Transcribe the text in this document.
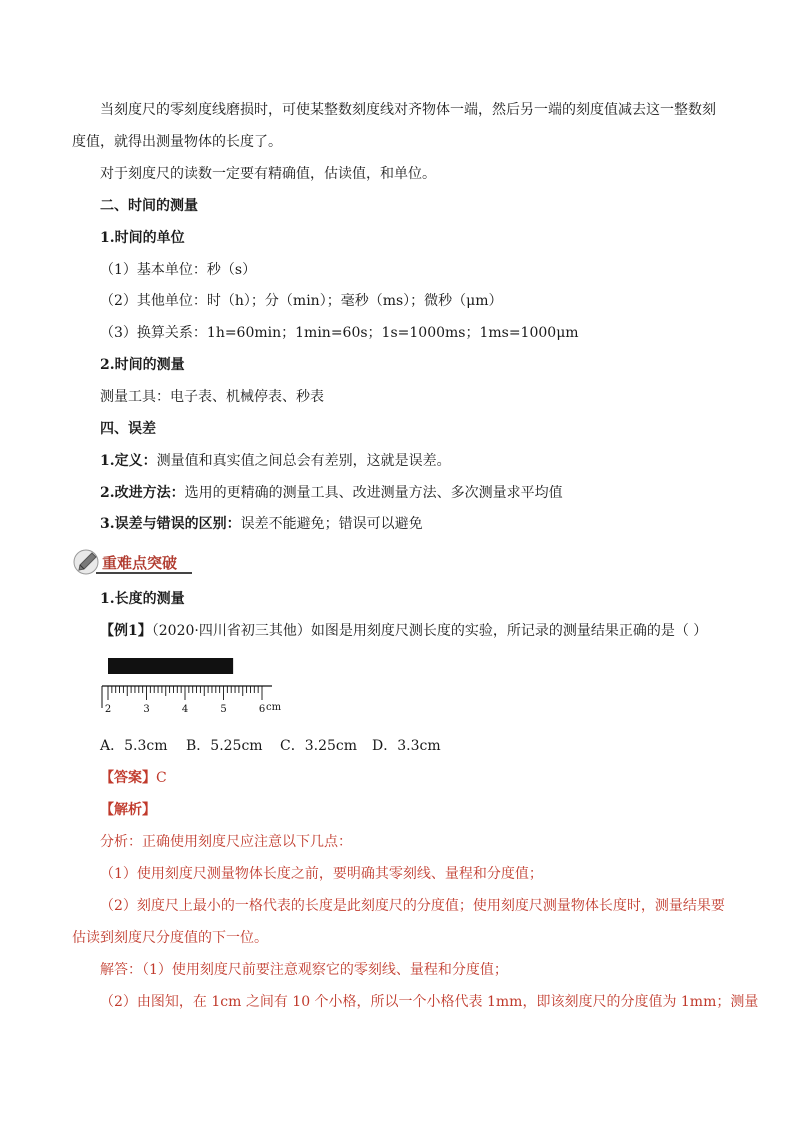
当刻度尺的零刻度线磨损时，可使某整数刻度线对齐物体一端，然后另一端的刻度值减去这一整数刻
度值，就得出测量物体的长度了。
对于刻度尺的读数一定要有精确值，估读值，和单位。
二、时间的测量
1.时间的单位
（1）基本单位：秒（s）
（2）其他单位：时（h）；分（min）；毫秒（ms）；微秒（μm）
（3）换算关系：1h=60min；1min=60s；1s=1000ms；1ms=1000μm
2.时间的测量
测量工具：电子表、机械停表、秒表
四、误差
1.定义：测量值和真实值之间总会有差别，这就是误差。
2.改进方法：选用的更精确的测量工具、改进测量方法、多次测量求平均值
3.误差与错误的区别：误差不能避免；错误可以避免
重难点突破
1.长度的测量
【例1】（2020·四川省初三其他）如图是用刻度尺测长度的实验，所记录的测量结果正确的是（ ）
2	3	4	5	6 cm
A．5.3cm B．5.25cm C．3.25cm D．3.3cm
【答案】C
【解析】
分析：正确使用刻度尺应注意以下几点：
（1）使用刻度尺测量物体长度之前，要明确其零刻线、量程和分度值；
（2）刻度尺上最小的一格代表的长度是此刻度尺的分度值；使用刻度尺测量物体长度时，测量结果要
估读到刻度尺分度值的下一位。
解答：（1）使用刻度尺前要注意观察它的零刻线、量程和分度值；
（2）由图知，在 1cm 之间有 10 个小格，所以一个小格代表 1mm，即该刻度尺的分度值为 1mm；测量
